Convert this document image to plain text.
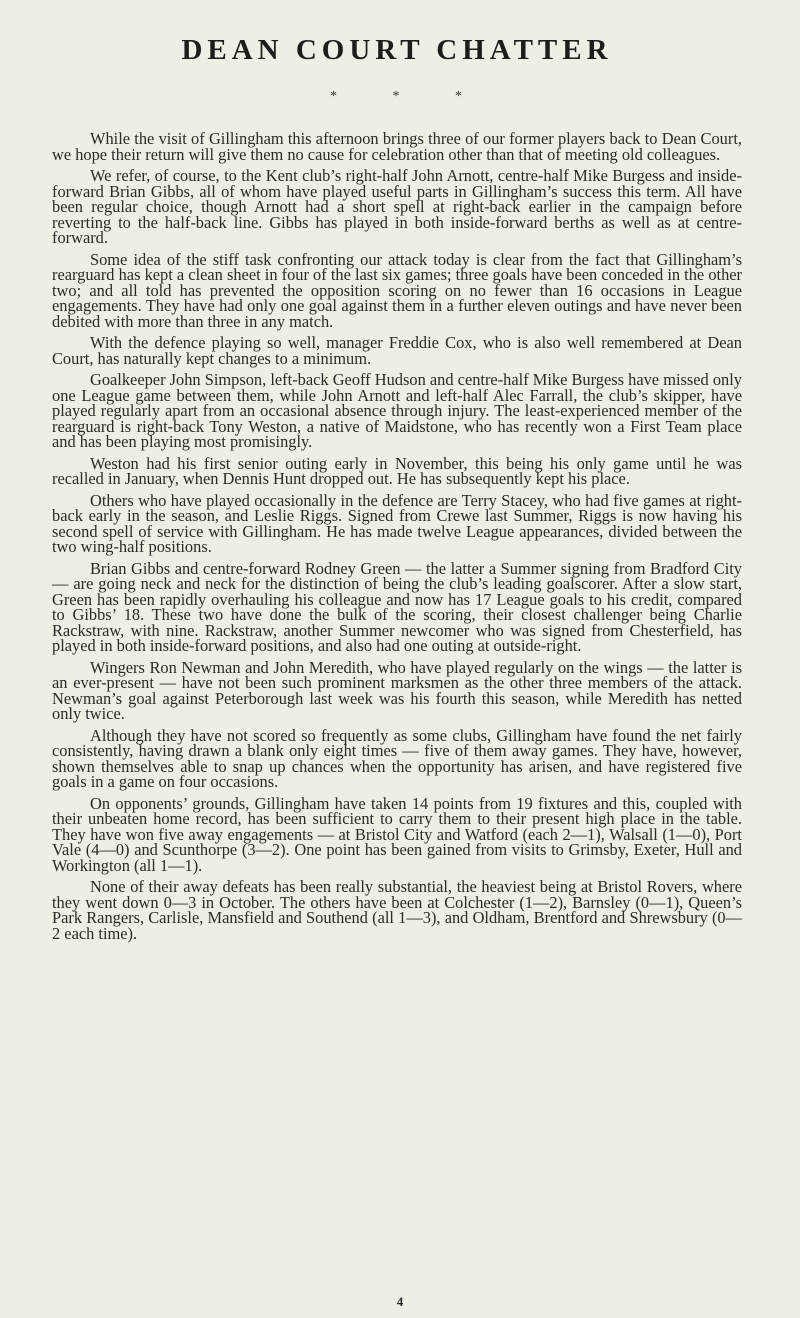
DEAN COURT CHATTER
* * *

While the visit of Gillingham this afternoon brings three of our former players back to Dean Court, we hope their return will give them no cause for celebration other than that of meeting old colleagues.

We refer, of course, to the Kent club’s right-half John Arnott, centre-half Mike Burgess and inside-forward Brian Gibbs, all of whom have played useful parts in Gillingham’s success this term. All have been regular choice, though Arnott had a short spell at right-back earlier in the campaign before reverting to the half-back line. Gibbs has played in both inside-forward berths as well as at centre-forward.

Some idea of the stiff task confronting our attack today is clear from the fact that Gillingham’s rearguard has kept a clean sheet in four of the last six games; three goals have been conceded in the other two; and all told has prevented the opposition scoring on no fewer than 16 occasions in League engagements. They have had only one goal against them in a further eleven outings and have never been debited with more than three in any match.

With the defence playing so well, manager Freddie Cox, who is also well remembered at Dean Court, has naturally kept changes to a minimum.

Goalkeeper John Simpson, left-back Geoff Hudson and centre-half Mike Burgess have missed only one League game between them, while John Arnott and left-half Alec Farrall, the club’s skipper, have played regularly apart from an occasional absence through injury. The least-experienced member of the rearguard is right-back Tony Weston, a native of Maidstone, who has recently won a First Team place and has been playing most promisingly.

Weston had his first senior outing early in November, this being his only game until he was recalled in January, when Dennis Hunt dropped out. He has subsequently kept his place.

Others who have played occasionally in the defence are Terry Stacey, who had five games at right-back early in the season, and Leslie Riggs. Signed from Crewe last Summer, Riggs is now having his second spell of service with Gillingham. He has made twelve League appearances, divided between the two wing-half positions.

Brian Gibbs and centre-forward Rodney Green — the latter a Summer signing from Bradford City — are going neck and neck for the distinction of being the club’s leading goalscorer. After a slow start, Green has been rapidly overhauling his colleague and now has 17 League goals to his credit, compared to Gibbs’ 18. These two have done the bulk of the scoring, their closest challenger being Charlie Rackstraw, with nine. Rackstraw, another Summer newcomer who was signed from Chesterfield, has played in both inside-forward positions, and also had one outing at outside-right.

Wingers Ron Newman and John Meredith, who have played regularly on the wings — the latter is an ever-present — have not been such prominent marksmen as the other three members of the attack. Newman’s goal against Peterborough last week was his fourth this season, while Meredith has netted only twice.

Although they have not scored so frequently as some clubs, Gillingham have found the net fairly consistently, having drawn a blank only eight times — five of them away games. They have, however, shown themselves able to snap up chances when the opportunity has arisen, and have registered five goals in a game on four occasions.

On opponents’ grounds, Gillingham have taken 14 points from 19 fixtures and this, coupled with their unbeaten home record, has been sufficient to carry them to their present high place in the table. They have won five away engagements — at Bristol City and Watford (each 2—1), Walsall (1—0), Port Vale (4—0) and Scunthorpe (3—2). One point has been gained from visits to Grimsby, Exeter, Hull and Workington (all 1—1).

None of their away defeats has been really substantial, the heaviest being at Bristol Rovers, where they went down 0—3 in October. The others have been at Colchester (1—2), Barnsley (0—1), Queen’s Park Rangers, Carlisle, Mansfield and Southend (all 1—3), and Oldham, Brentford and Shrewsbury (0—2 each time).

4
